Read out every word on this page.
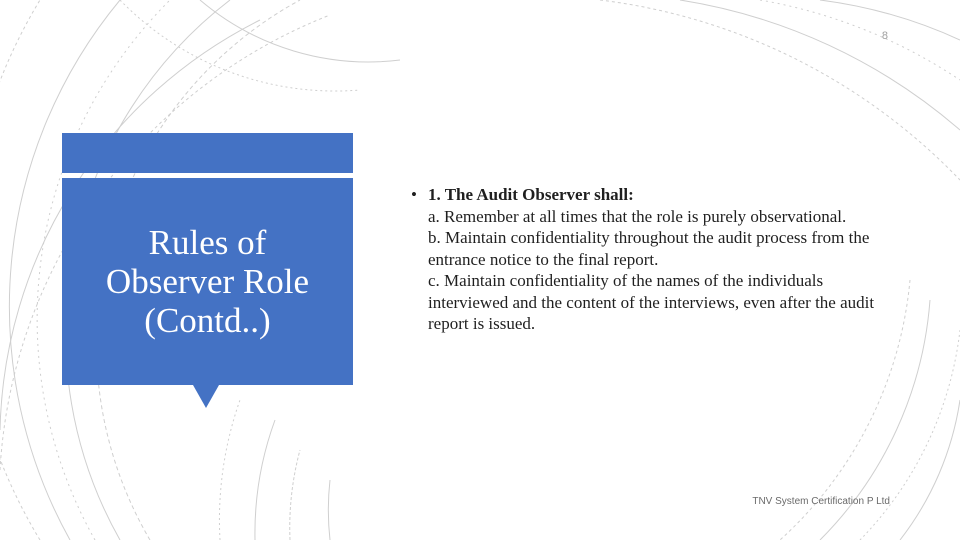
8
Rules of
Observer Role
(Contd..)
• 1. The Audit Observer shall:
a. Remember at all times that the role is purely observational.
b. Maintain confidentiality throughout the audit process from the entrance notice to the final report.
c. Maintain confidentiality of the names of the individuals interviewed and the content of the interviews, even after the audit report is issued.
TNV System Certification P Ltd
